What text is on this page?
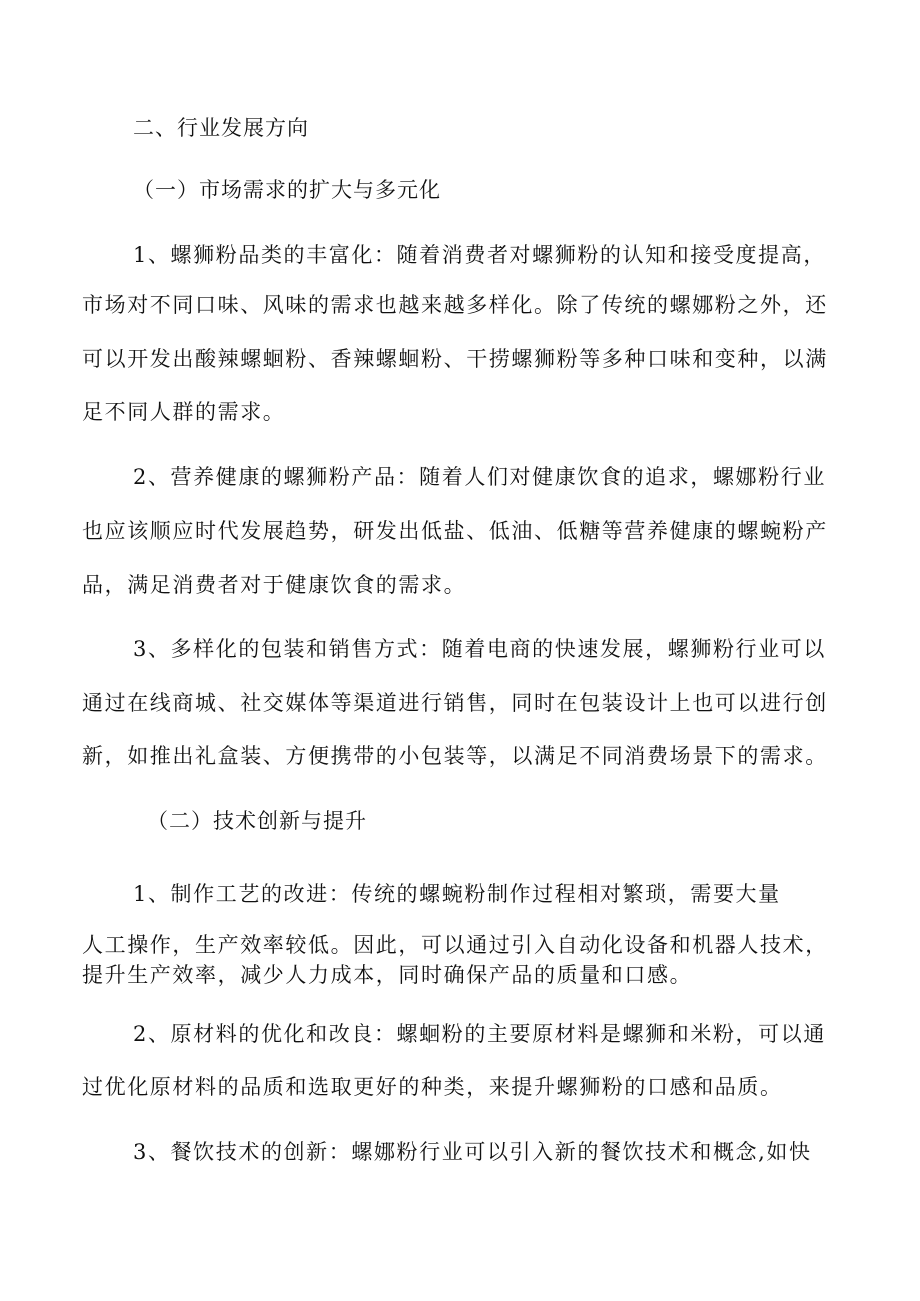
二、行业发展方向

（一）市场需求的扩大与多元化

1、螺狮粉品类的丰富化：随着消费者对螺狮粉的认知和接受度提高，

市场对不同口味、风味的需求也越来越多样化。除了传统的螺娜粉之外，还

可以开发出酸辣螺蛔粉、香辣螺蛔粉、干捞螺狮粉等多种口味和变种，以满

足不同人群的需求。

2、营养健康的螺狮粉产品：随着人们对健康饮食的追求，螺娜粉行业

也应该顺应时代发展趋势，研发出低盐、低油、低糖等营养健康的螺蜿粉产

品，满足消费者对于健康饮食的需求。

3、多样化的包装和销售方式：随着电商的快速发展，螺狮粉行业可以

通过在线商城、社交媒体等渠道进行销售，同时在包装设计上也可以进行创

新，如推出礼盒装、方便携带的小包装等，以满足不同消费场景下的需求。

（二）技术创新与提升

1、制作工艺的改进：传统的螺蜿粉制作过程相对繁琐，需要大量

人工操作，生产效率较低。因此，可以通过引入自动化设备和机器人技术，

提升生产效率，减少人力成本，同时确保产品的质量和口感。

2、原材料的优化和改良：螺蛔粉的主要原材料是螺狮和米粉，可以通

过优化原材料的品质和选取更好的种类，来提升螺狮粉的口感和品质。

3、餐饮技术的创新：螺娜粉行业可以引入新的餐饮技术和概念,如快
